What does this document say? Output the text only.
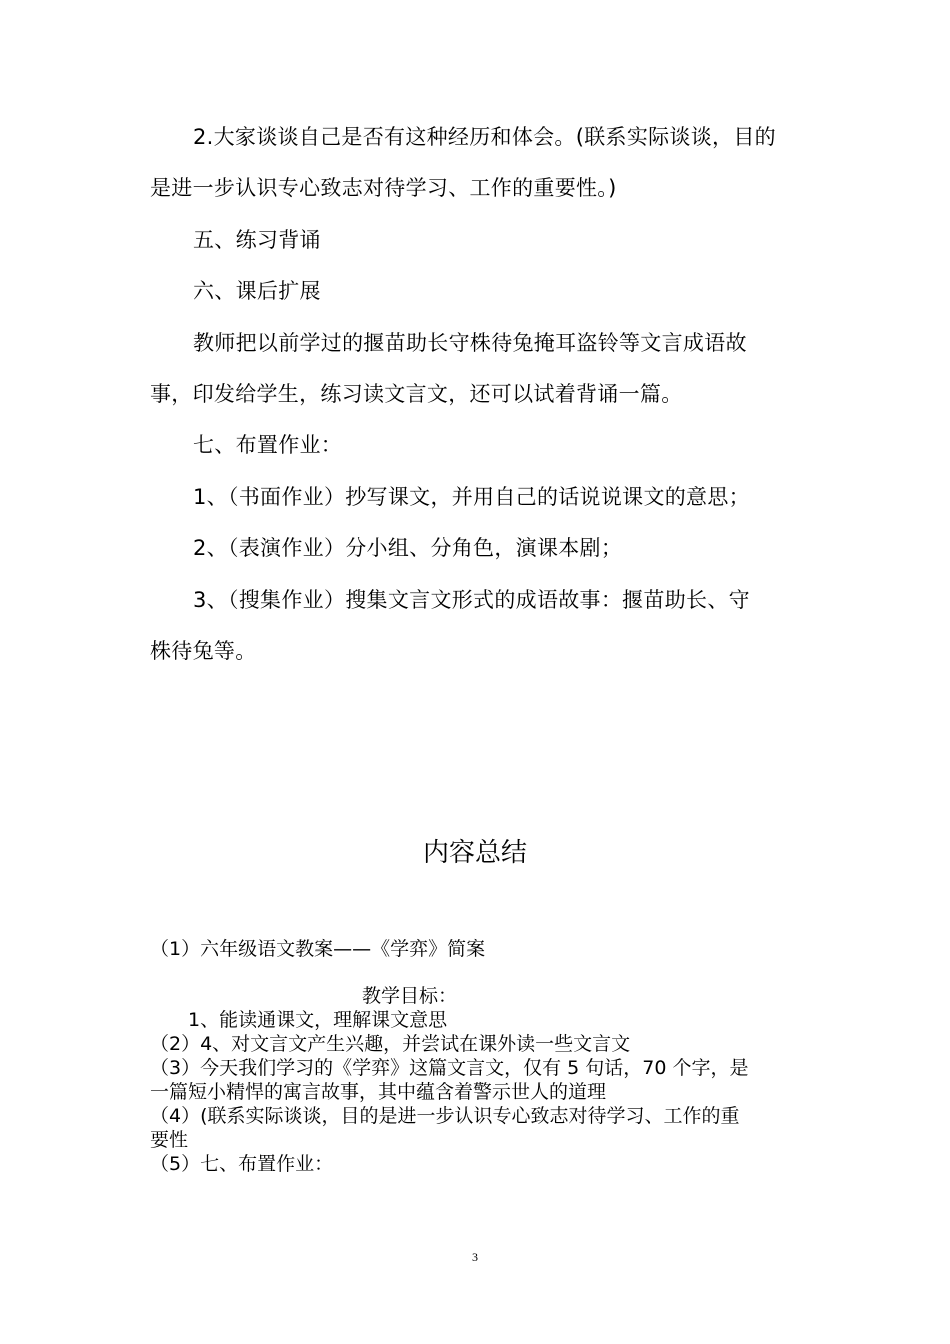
2.大家谈谈自己是否有这种经历和体会。(联系实际谈谈，目的
是进一步认识专心致志对待学习、工作的重要性。)
五、练习背诵
六、课后扩展
教师把以前学过的揠苗助长守株待兔掩耳盗铃等文言成语故
事，印发给学生，练习读文言文，还可以试着背诵一篇。
七、布置作业：
1、（书面作业）抄写课文，并用自己的话说说课文的意思；
2、（表演作业）分小组、分角色，演课本剧；
3、（搜集作业）搜集文言文形式的成语故事：揠苗助长、守
株待兔等。
内容总结
（1）六年级语文教案——《学弈》简案
教学目标：
1、能读通课文，理解课文意思
（2）4、对文言文产生兴趣，并尝试在课外读一些文言文
（3）今天我们学习的《学弈》这篇文言文，仅有 5 句话，70 个字，是
一篇短小精悍的寓言故事，其中蕴含着警示世人的道理
（4）(联系实际谈谈，目的是进一步认识专心致志对待学习、工作的重
要性
（5）七、布置作业：
3
